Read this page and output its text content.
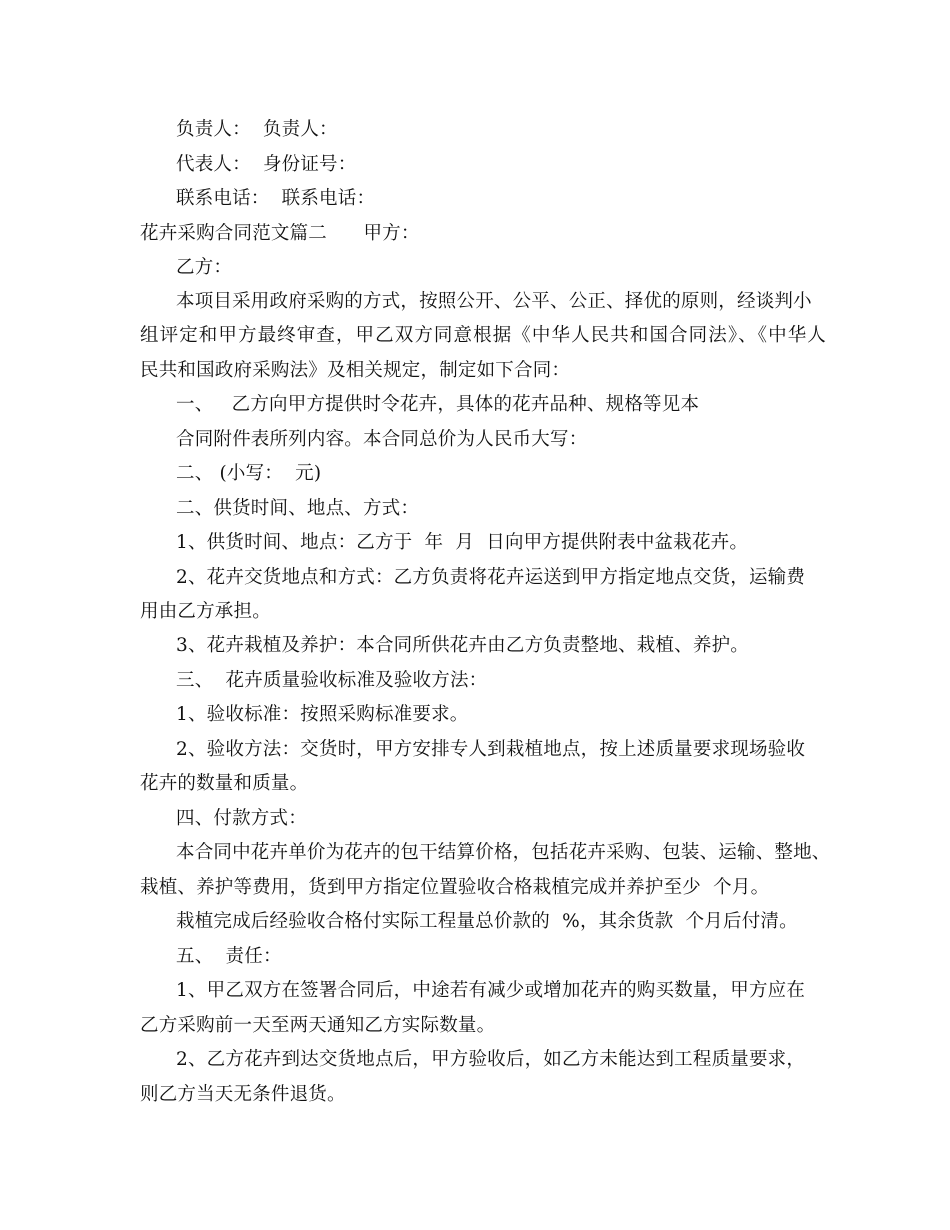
负责人：  负责人：
代表人：  身份证号：
联系电话：  联系电话：
花卉采购合同范文篇二      甲方：
乙方：
本项目采用政府采购的方式，按照公开、公平、公正、择优的原则，经谈判小
组评定和甲方最终审查，甲乙双方同意根据《中华人民共和国合同法》、《中华人
民共和国政府采购法》及相关规定，制定如下合同：
一、   乙方向甲方提供时令花卉，具体的花卉品种、规格等见本
合同附件表所列内容。本合同总价为人民币大写：
二、 (小写：  元)
二、供货时间、地点、方式：
1、供货时间、地点：乙方于  年  月  日向甲方提供附表中盆栽花卉。
2、花卉交货地点和方式：乙方负责将花卉运送到甲方指定地点交货，运输费
用由乙方承担。
3、花卉栽植及养护：本合同所供花卉由乙方负责整地、栽植、养护。
三、  花卉质量验收标准及验收方法：
1、验收标准：按照采购标准要求。
2、验收方法：交货时，甲方安排专人到栽植地点，按上述质量要求现场验收
花卉的数量和质量。
四、付款方式：
本合同中花卉单价为花卉的包干结算价格，包括花卉采购、包装、运输、整地、
栽植、养护等费用，货到甲方指定位置验收合格栽植完成并养护至少  个月。
栽植完成后经验收合格付实际工程量总价款的  %，其余货款  个月后付清。
五、  责任：
1、甲乙双方在签署合同后，中途若有减少或增加花卉的购买数量，甲方应在
乙方采购前一天至两天通知乙方实际数量。
2、乙方花卉到达交货地点后，甲方验收后，如乙方未能达到工程质量要求，
则乙方当天无条件退货。
